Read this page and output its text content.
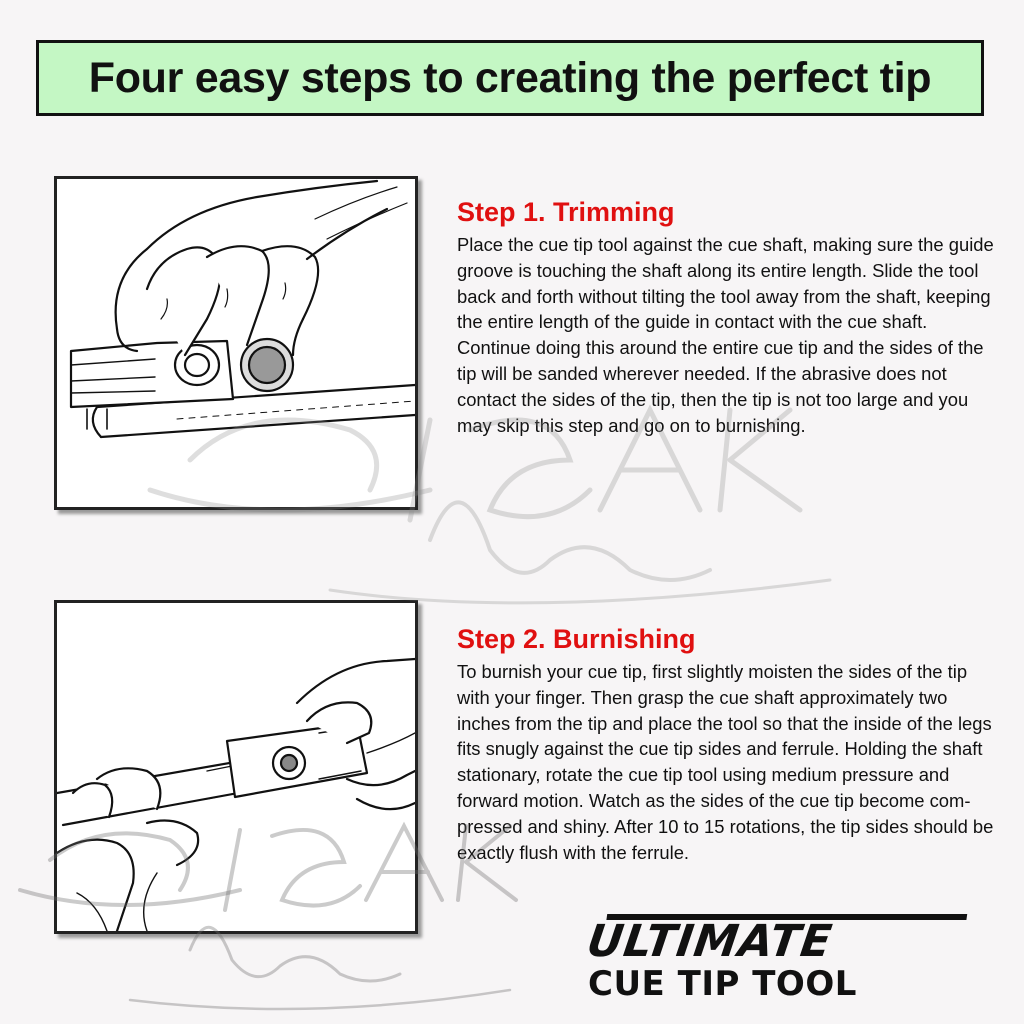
Four easy steps to creating the perfect tip
Step 1. Trimming

Place the cue tip tool against the cue shaft, making sure the guide groove is touching the shaft along its entire length. Slide the tool back and forth without tilting the tool away from the shaft, keeping the entire length of the guide in contact with the cue shaft. Continue doing this around the entire cue tip and the sides of the tip will be sanded wherever needed. If the abrasive does not contact the sides of the tip, then the tip is not too large and you may skip this step and go on to burnishing.

Step 2. Burnishing

To burnish your cue tip, first slightly moisten the sides of the tip with your finger. Then grasp the cue shaft approximately two inches from the tip and place the tool so that the inside of the legs fits snugly against the cue tip sides and ferrule. Holding the shaft stationary, rotate the cue tip tool using medium pressure and forward motion. Watch as the sides of the cue tip become com-pressed and shiny. After 10 to 15 rotations, the tip sides should be exactly flush with the ferrule.

ULTIMATE
CUE TIP TOOL
